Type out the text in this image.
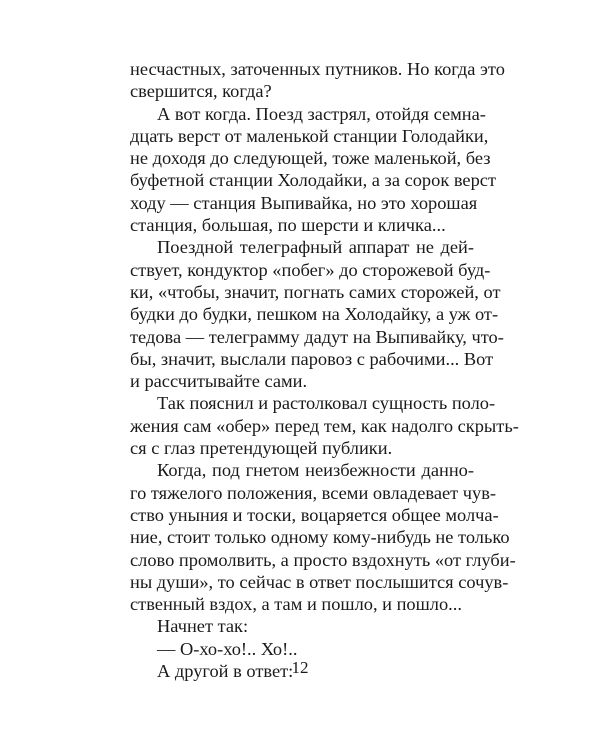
несчастных, заточенных путников. Но когда это
свершится, когда?
А вот когда. Поезд застрял, отойдя семна-
дцать верст от маленькой станции Голодайки,
не доходя до следующей, тоже маленькой, без
буфетной станции Холодайки, а за сорок верст
ходу — станция Выпивайка, но это хорошая
станция, большая, по шерсти и кличка...
Поездной телеграфный аппарат не дей-
ствует, кондуктор «побег» до сторожевой буд-
ки, «чтобы, значит, погнать самих сторожей, от
будки до будки, пешком на Холодайку, а уж от-
тедова — телеграмму дадут на Выпивайку, что-
бы, значит, выслали паровоз с рабочими... Вот
и рассчитывайте сами.
Так пояснил и растолковал сущность поло-
жения сам «обер» перед тем, как надолго скрыть-
ся с глаз претендующей публики.
Когда, под гнетом неизбежности данно-
го тяжелого положения, всеми овладевает чув-
ство уныния и тоски, воцаряется общее молча-
ние, стоит только одному кому-нибудь не только
слово промолвить, а просто вздохнуть «от глуби-
ны души», то сейчас в ответ послышится сочув-
ственный вздох, а там и пошло, и пошло...
Начнет так:
— О-хо-хо!.. Хо!..
А другой в ответ:
12
